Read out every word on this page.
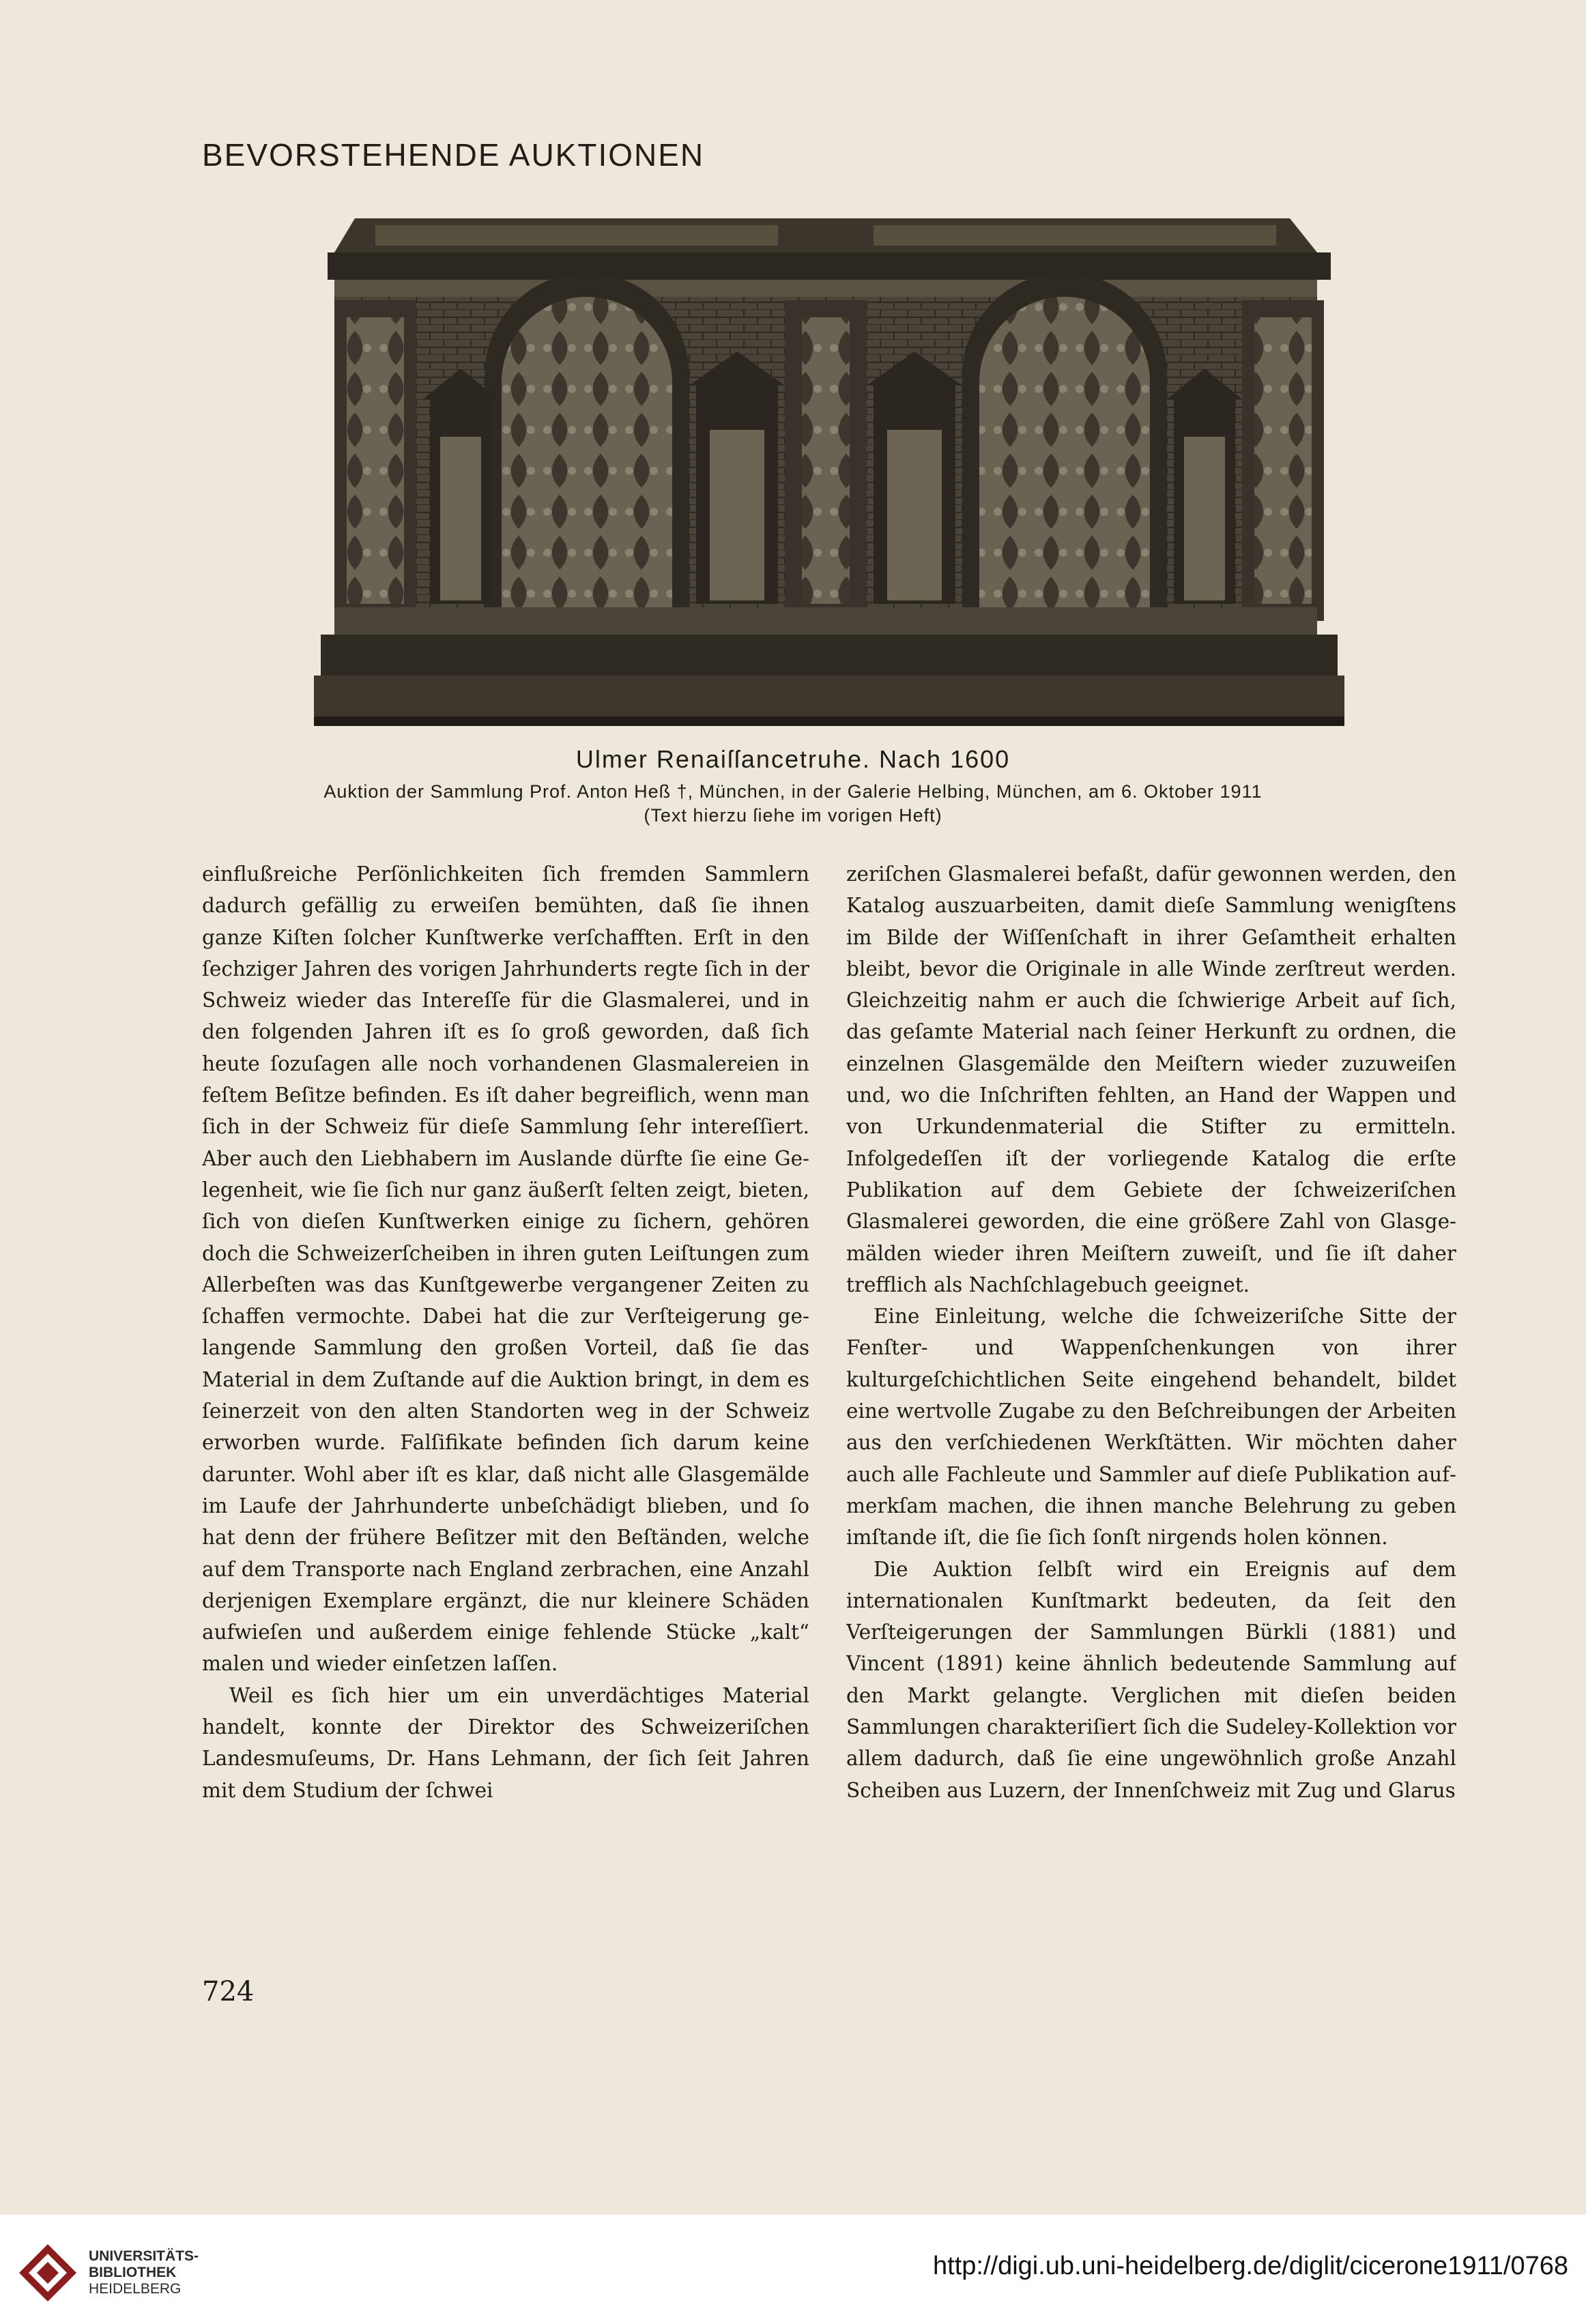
BEVORSTEHENDE AUKTIONEN
Ulmer Renaiſſancetruhe. Nach 1600
Auktion der Sammlung Prof. Anton Heß †, München, in der Galerie Helbing, München, am 6. Oktober 1911
(Text hierzu ſiehe im vorigen Heft)

einflußreiche Perſönlichkeiten ſich fremden Sammlern dadurch gefällig zu erweiſen bemühten, daß ſie ihnen ganze Kiſten ſolcher Kunſtwerke verſchafften. Erſt in den ſechziger Jahren des vorigen Jahrhunderts regte ſich in der Schweiz wieder das Intereſſe für die Glasmalerei, und in den folgenden Jahren iſt es ſo groß geworden, daß ſich heute ſozuſagen alle noch vorhandenen Glasmalereien in feſtem Beſitze befinden. Es iſt daher begreiflich, wenn man ſich in der Schweiz für dieſe Sammlung ſehr intereſſiert. Aber auch den Liebhabern im Auslande dürfte ſie eine Gelegenheit, wie ſie ſich nur ganz äußerſt ſelten zeigt, bieten, ſich von dieſen Kunſtwerken einige zu ſichern, gehören doch die Schweizerſcheiben in ihren guten Leiſtungen zum Allerbeſten was das Kunſtgewerbe vergangener Zeiten zu ſchaffen vermochte. Dabei hat die zur Verſteigerung gelangende Sammlung den großen Vorteil, daß ſie das Material in dem Zuſtande auf die Auktion bringt, in dem es ſeinerzeit von den alten Standorten weg in der Schweiz erworben wurde. Falſifikate befinden ſich darum keine darunter. Wohl aber iſt es klar, daß nicht alle Glasgemälde im Laufe der Jahrhunderte unbeſchädigt blieben, und ſo hat denn der frühere Beſitzer mit den Beſtänden, welche auf dem Transporte nach England zerbrachen, eine Anzahl derjenigen Exemplare ergänzt, die nur kleinere Schäden aufwieſen und außerdem einige fehlende Stücke „kalt“ malen und wieder einſetzen laſſen.

Weil es ſich hier um ein unverdächtiges Material handelt, konnte der Direktor des Schweizeriſchen Landesmuſeums, Dr. Hans Lehmann, der ſich ſeit Jahren mit dem Studium der ſchwei

zeriſchen Glasmalerei befaßt, dafür gewonnen werden, den Katalog auszuarbeiten, damit dieſe Sammlung wenigſtens im Bilde der Wiſſenſchaft in ihrer Geſamtheit erhalten bleibt, bevor die Originale in alle Winde zerſtreut werden. Gleichzeitig nahm er auch die ſchwierige Arbeit auf ſich, das geſamte Material nach ſeiner Herkunft zu ordnen, die einzelnen Glasgemälde den Meiſtern wieder zuzuweiſen und, wo die Inſchriften fehlten, an Hand der Wappen und von Urkundenmaterial die Stifter zu ermitteln. Infolgedeſſen iſt der vorliegende Katalog die erſte Publikation auf dem Gebiete der ſchweizeriſchen Glasmalerei geworden, die eine größere Zahl von Glasgemälden wieder ihren Meiſtern zuweiſt, und ſie iſt daher trefflich als Nachſchlagebuch geeignet.

Eine Einleitung, welche die ſchweizeriſche Sitte der Fenſter- und Wappenſchenkungen von ihrer kulturgeſchichtlichen Seite eingehend behandelt, bildet eine wertvolle Zugabe zu den Beſchreibungen der Arbeiten aus den verſchiedenen Werkſtätten. Wir möchten daher auch alle Fachleute und Sammler auf dieſe Publikation aufmerkſam machen, die ihnen manche Belehrung zu geben imſtande iſt, die ſie ſich ſonſt nirgends holen können.

Die Auktion ſelbſt wird ein Ereignis auf dem internationalen Kunſtmarkt bedeuten, da ſeit den Verſteigerungen der Sammlungen Bürkli (1881) und Vincent (1891) keine ähnlich bedeutende Sammlung auf den Markt gelangte. Verglichen mit dieſen beiden Sammlungen charakteriſiert ſich die Sudeley-Kollektion vor allem dadurch, daß ſie eine ungewöhnlich große Anzahl Scheiben aus Luzern, der Innenſchweiz mit Zug und Glarus

724
UNIVERSITÄTS-
BIBLIOTHEK
HEIDELBERG
http://digi.ub.uni-heidelberg.de/diglit/cicerone1911/0768
